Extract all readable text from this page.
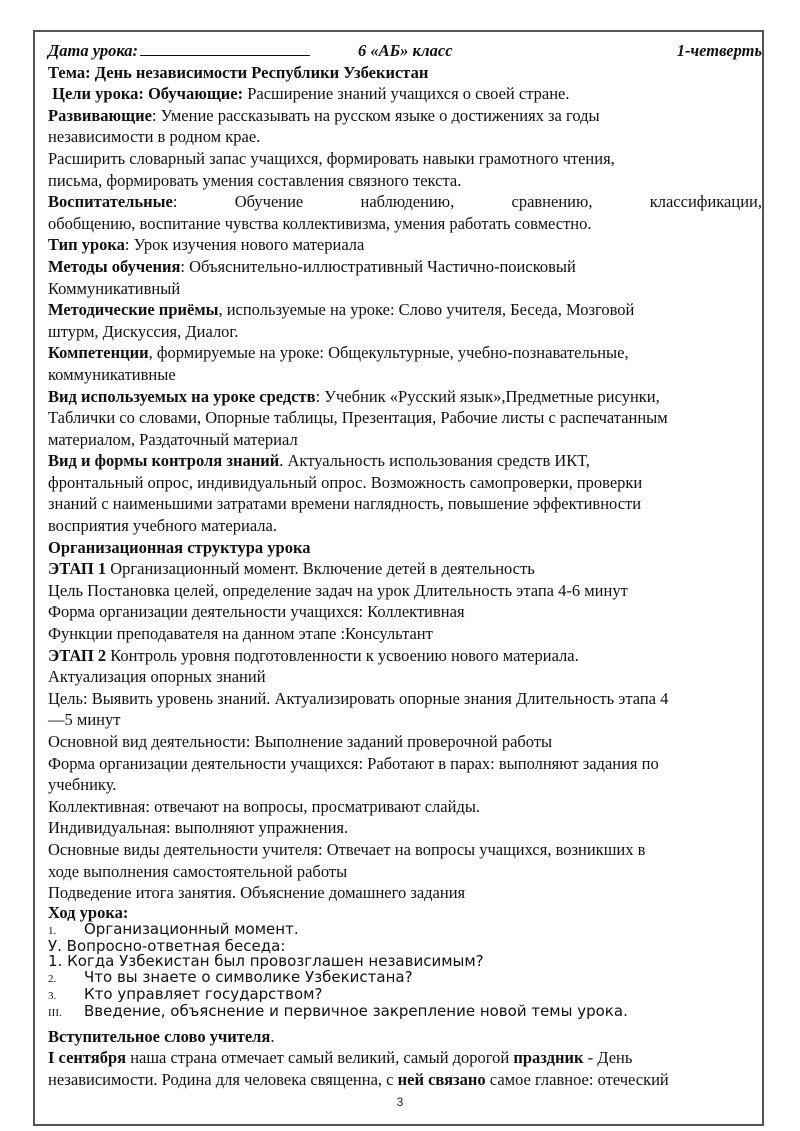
Дата урока:	6 «АБ» класс	1-четверть

Тема: День независимости Республики Узбекистан

Цели урока: Обучающие: Расширение знаний учащихся о своей стране.

Развивающие: Умение рассказывать на русском языке о достижениях за годы

независимости в родном крае.

Расширить словарный запас учащихся, формировать навыки грамотного чтения,

письма, формировать умения составления связного текста.

Воспитательные: Обучение наблюдению, сравнению, классификации,

обобщению, воспитание чувства коллективизма, умения работать совместно.

Тип урока: Урок изучения нового материала

Методы обучения: Объяснительно-иллюстративный Частично-поисковый

Коммуникативный

Методические приёмы, используемые на уроке: Слово учителя, Беседа, Мозговой

штурм, Дискуссия, Диалог.

Компетенции, формируемые на уроке: Общекультурные, учебно-познавательные,

коммуникативные

Вид используемых на уроке средств: Учебник «Русский язык»,Предметные рисунки,

Таблички со словами, Опорные таблицы, Презентация, Рабочие листы с распечатанным

материалом, Раздаточный материал

Вид и формы контроля знаний. Актуальность использования средств ИКТ,

фронтальный опрос, индивидуальный опрос. Возможность самопроверки, проверки

знаний с наименьшими затратами времени наглядность, повышение эффективности

восприятия учебного материала.

Организационная структура урока

ЭТАП 1 Организационный момент. Включение детей в деятельность

Цель Постановка целей, определение задач на урок Длительность этапа 4-6 минут

Форма организации деятельности учащихся: Коллективная

Функции преподавателя на данном этапе :Консультант

ЭТАП 2 Контроль уровня подготовленности к усвоению нового материала.

Актуализация опорных знаний

Цель: Выявить уровень знаний. Актуализировать опорные знания Длительность этапа 4

—5 минут

Основной вид деятельности: Выполнение заданий проверочной работы

Форма организации деятельности учащихся: Работают в парах: выполняют задания по

учебнику.

Коллективная: отвечают на вопросы, просматривают слайды.

Индивидуальная: выполняют упражнения.

Основные виды деятельности учителя: Отвечает на вопросы учащихся, возникших в

ходе выполнения самостоятельной работы

Подведение итога занятия. Объяснение домашнего задания

Ход урока:

1. Организационный момент.

У. Вопросно-ответная беседа:

1. Когда Узбекистан был провозглашен независимым?

2. Что вы знаете о символике Узбекистана?

3. Кто управляет государством?

III. Введение, объяснение и первичное закрепление новой темы урока.

Вступительное слово учителя.

I сентября наша страна отмечает самый великий, самый дорогой праздник - День

независимости. Родина для человека священна, с ней связано самое главное: отеческий

3
